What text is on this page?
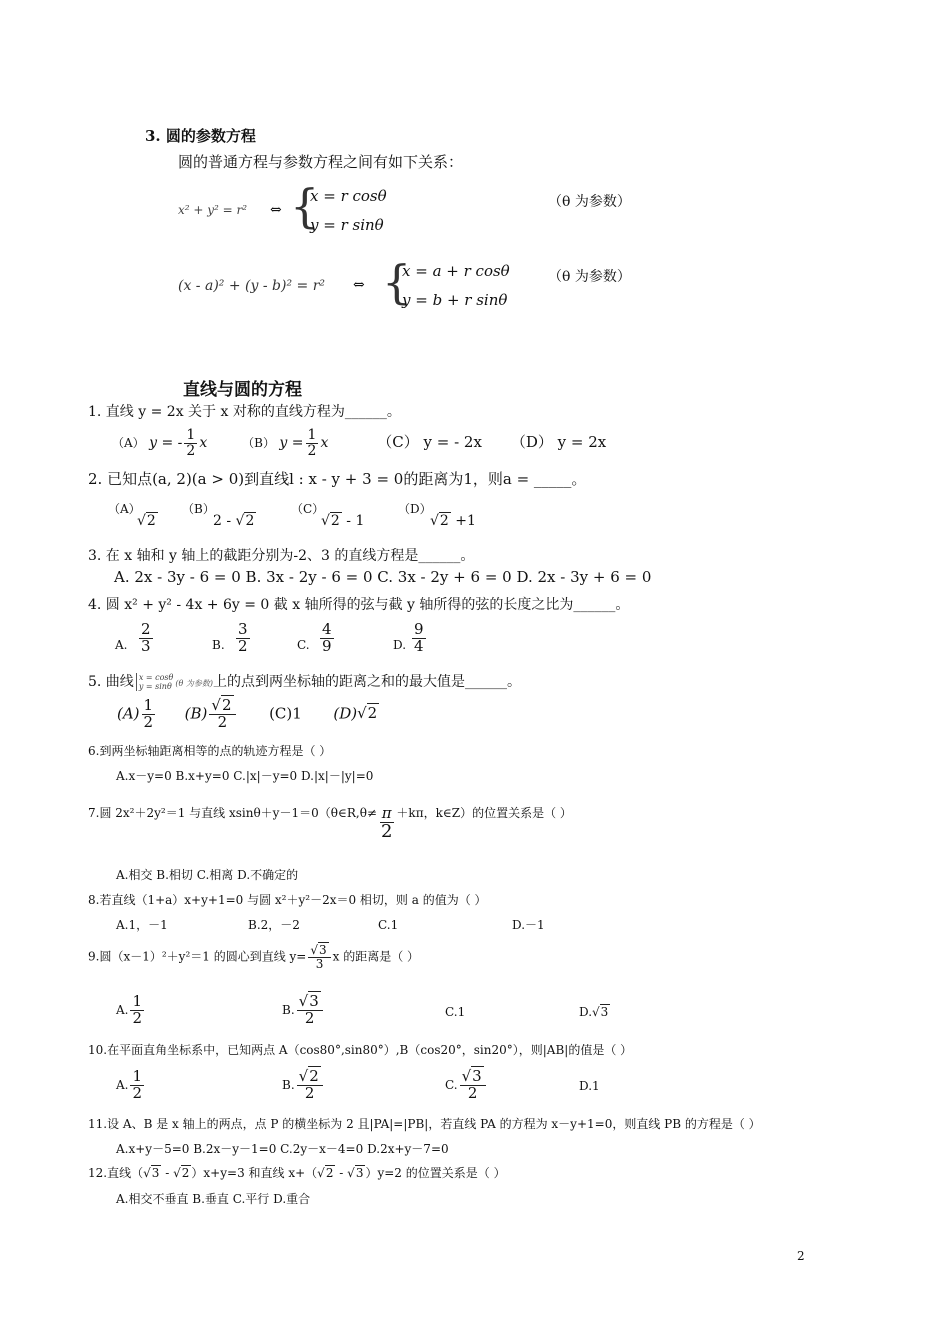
3. 圆的参数方程
圆的普通方程与参数方程之间有如下关系：
x² + y² = r² ⇔ {
x = r cosθ
y = r sinθ
（θ 为参数）
(x - a)² + (y - b)² = r² ⇔ {
x = a + r cosθ
y = b + r sinθ
（θ 为参数）
直线与圆的方程
1. 直线 y = 2x 关于 x 对称的直线方程为______。
（A） y = - $\frac{1}{2}$ x	（B） $y = \frac{1}{2}$ x	（C） y = - 2x （D） y = 2x
2. 已知点(a, 2)(a > 0)到直线l : x - y + 3 = 0的距离为1，则a = _____。
（A）
√ 2
（B）
2 - √ 2
（C）
√ 2 - 1
（D）
√ 2 +1
3. 在 x 轴和 y 轴上的截距分别为-2、3 的直线方程是______。
A. 2x - 3y - 6 = 0 B. 3x - 2y - 6 = 0 C. 3x - 2y + 6 = 0 D. 2x - 3y + 6 = 0
4. 圆 x² + y² - 4x + 6y = 0 截 x 轴所得的弦与截 y 轴所得的弦的长度之比为______。
A. $\frac{2}{3}$	B. $\frac{3}{2}$	C. $\frac{4}{9}$	D. $\frac{9}{4}$
5. 曲线 x = cosθ
y = sinθ (θ 为参数)上的点到两坐标轴的距离之和的最大值是______。
$(A) \frac{1}{2} (B)$ √ $\frac{2}{2} (C)1$ (D) √ 2
6.到两坐标轴距离相等的点的轨迹方程是（ ）
A.x－y=0 B.x+y=0 C.|x|－y=0 D.|x|－|y|=0
7.圆 2x²＋2y²＝1 与直线 xsinθ＋y－1＝0（θ∈R,θ≠ $\frac{\pi}{2} +k\pi$，k∈Z）的位置关系是（ ）
A.相交 B.相切 C.相离 D.不确定的
8.若直线（1+a）x+y+1=0 与圆 x²＋y²－2x＝0 相切，则 a 的值为（ ）
A.1，－1	B.2，－2	C.1	D.－1
9.圆（x－1）²＋y²＝1 的圆心到直线 y= √ $\frac{3}{3}$ x 的距离是（ ）
A. $\frac{1}{2}$	B. √ $\frac{3}{2}$	C.1	D. √ 3
10.在平面直角坐标系中，已知两点 A（cos80°,sin80°）,B（cos20°，sin20°），则|AB|的值是（ ）
A. $\frac{1}{2}$	B. √ $\frac{2}{2}$	C. √ $\frac{3}{2}$	D.1
11.设 A、B 是 x 轴上的两点，点 P 的横坐标为 2 且|PA|=|PB|，若直线 PA 的方程为 x－y+1=0，则直线 PB 的方程是（ ）
A.x+y－5=0 B.2x－y－1=0 C.2y－x－4=0 D.2x+y－7=0
12.直线（ √ 3 - √ 2 ）x+y=3 和直线 x+（ √ 2 - √ 3 ）y=2 的位置关系是（ ）
A.相交不垂直 B.垂直 C.平行 D.重合
2
